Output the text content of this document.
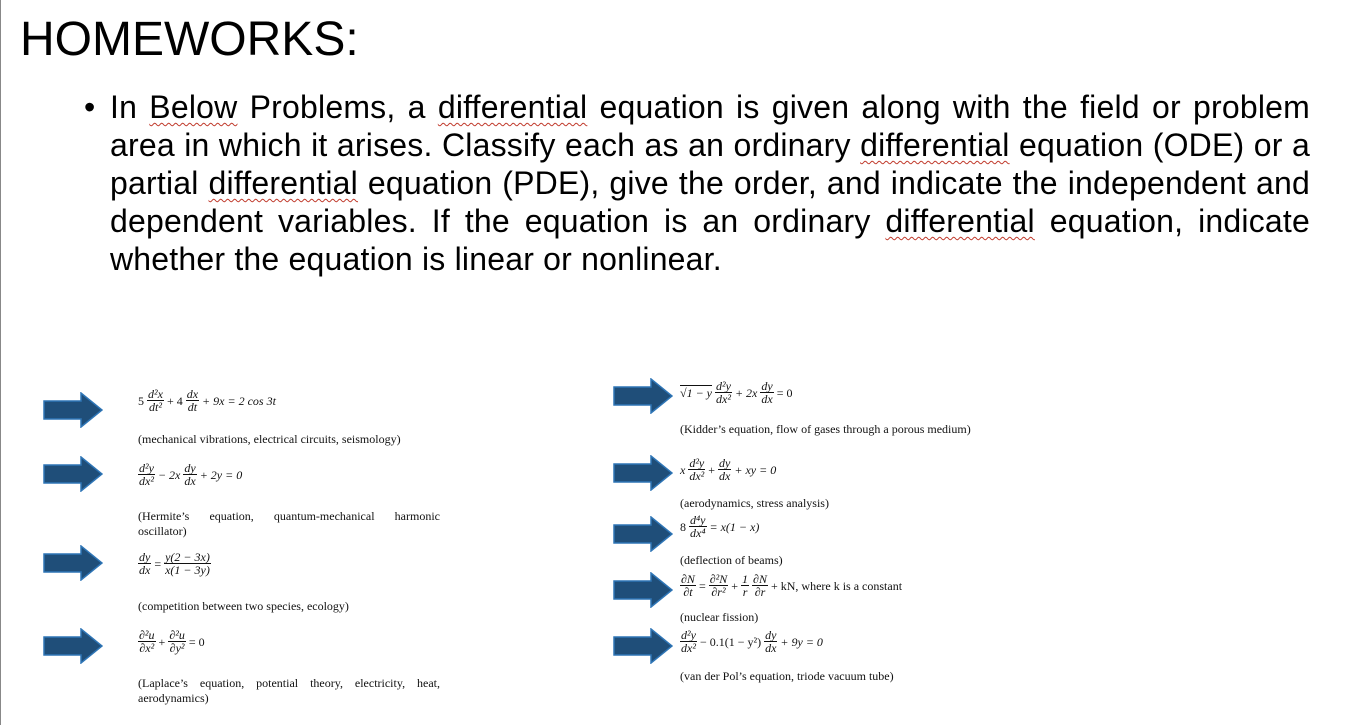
HOMEWORKS:
• In Below Problems, a differential equation is given along with the field or problem area in which it arises. Classify each as an ordinary differential equation (ODE) or a partial differential equation (PDE), give the order, and indicate the independent and dependent variables. If the equation is an ordinary differential equation, indicate whether the equation is linear or nonlinear.
$5 \frac{\text{d²x}}{\text{dt²}} + 4 \frac{dx}{dt} + 9x = 2$ cos 3t
(mechanical vibrations, electrical circuits, seismology)
$\frac{\text{d²y}}{\text{dx²}} - 2x \frac{dy}{dx} + 2y = 0$
(Hermite’s equation, quantum-mechanical harmonic oscillator)
$\frac{dy}{dx} = \frac{y(2 - 3x)}{x(1 - 3y)}$
(competition between two species, ecology)
$\frac{\text{∂²u}}{\text{∂x²}} + \frac{\text{∂²u}}{\text{∂y²}} = 0$
(Laplace’s equation, potential theory, electricity, heat, aerodynamics)
√1 − y $\frac{\text{d²y}}{\text{dx²}} + 2x \frac{dy}{dx} = 0$
(Kidder’s equation, flow of gases through a porous medium)
x $\frac{\text{d²y}}{\text{dx²}} + \frac{dy}{dx}$ + xy = 0
(aerodynamics, stress analysis)
$8 \frac{\text{d⁴y}}{\text{dx⁴}} = x(1 - x)$
(deflection of beams)
$\frac{\partial N}{\partial t} = \frac{\text{∂²N}}{\text{∂r²}} + \frac{1}{r} \frac{\partial N}{\partial r}$ + kN, where k is a constant
(nuclear fission)
$\frac{\text{d²y}}{\text{dx²}} - 0.1(1 - y^2) \frac{dy}{dx} + 9y = 0$
(van der Pol’s equation, triode vacuum tube)
